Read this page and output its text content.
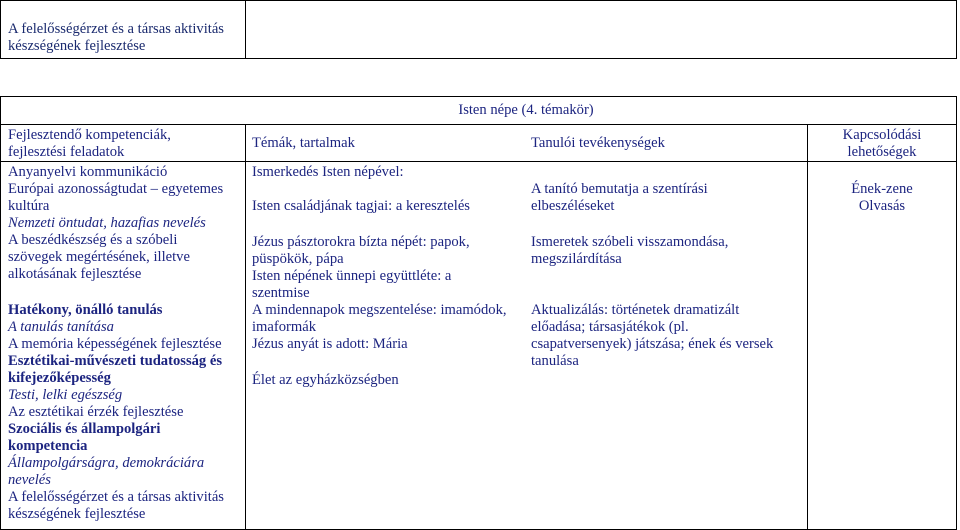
A felelősségérzet és a társas aktivitás
készségének fejlesztése
Isten népe (4. témakör)
Fejlesztendő kompetenciák,
fejlesztési feladatok
Témák, tartalmak	Tanulói tevékenységek	Kapcsolódási
lehetőségek
Anyanyelvi kommunikáció
Európai azonosságtudat – egyetemes
kultúra
Nemzeti öntudat, hazafias nevelés
A beszédkészség és a szóbeli
szövegek megértésének, illetve
alkotásának fejlesztése
Hatékony, önálló tanulás
A tanulás tanítása
A memória képességének fejlesztése
Esztétikai-művészeti tudatosság és
kifejezőképesség
Testi, lelki egészség
Az esztétikai érzék fejlesztése
Szociális és állampolgári
kompetencia
Állampolgárságra, demokráciára
nevelés
A felelősségérzet és a társas aktivitás
készségének fejlesztése
Ismerkedés Isten népével:
Isten családjának tagjai: a keresztelés
Jézus pásztorokra bízta népét: papok,
püspökök, pápa
Isten népének ünnepi együttléte: a
szentmise
A mindennapok megszentelése: imamódok,
imaformák
Jézus anyát is adott: Mária
Élet az egyházközségben
A tanító bemutatja a szentírási
elbeszéléseket
Ismeretek szóbeli visszamondása,
megszilárdítása
Aktualizálás: történetek dramatizált
előadása; társasjátékok (pl.
csapatversenyek) játszása; ének és versek
tanulása
Ének-zene
Olvasás
